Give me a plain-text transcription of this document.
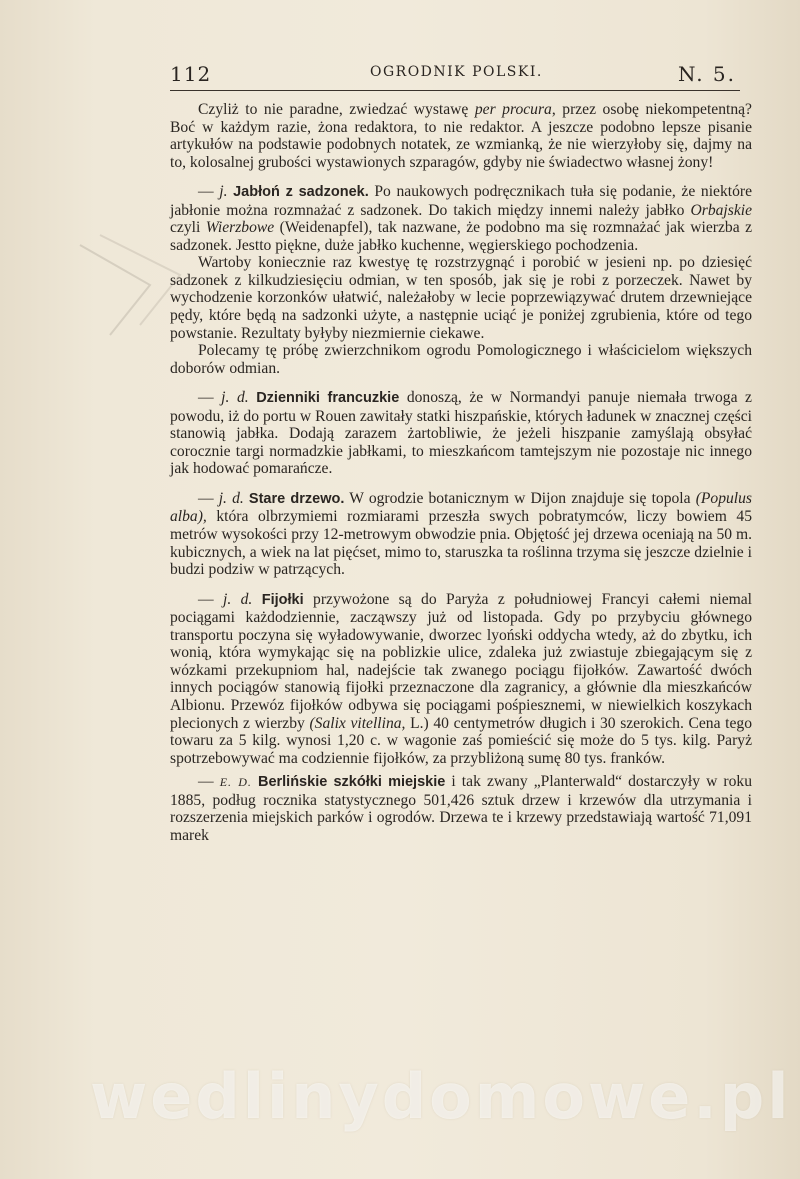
112	OGRODNIK POLSKI.	N. 5.

Czyliż to nie paradne, zwiedzać wystawę per procura, przez osobę niekompetentną? Boć w każdym razie, żona redaktora, to nie redaktor. A jeszcze podobno lepsze pisanie artykułów na podstawie podobnych notatek, ze wzmianką, że nie wierzyłoby się, dajmy na to, kolosalnej grubości wystawionych szparagów, gdyby nie świadectwo własnej żony!

— j. Jabłoń z sadzonek. Po naukowych podręcznikach tuła się podanie, że niektóre jabłonie można rozmnażać z sadzonek. Do takich między innemi należy jabłko Orbajskie czyli Wierzbowe (Weidenapfel), tak nazwane, że podobno ma się rozmnażać jak wierzba z sadzonek. Jestto piękne, duże jabłko kuchenne, węgierskiego pochodzenia.

Wartoby koniecznie raz kwestyę tę rozstrzygnąć i porobić w jesieni np. po dziesięć sadzonek z kilkudziesięciu odmian, w ten sposób, jak się je robi z porzeczek. Nawet by wychodzenie korzonków ułatwić, należałoby w lecie poprzewiązywać drutem drzewniejące pędy, które będą na sadzonki użyte, a następnie uciąć je poniżej zgrubienia, które od tego powstanie. Rezultaty byłyby niezmiernie ciekawe.

Polecamy tę próbę zwierzchnikom ogrodu Pomologicznego i właścicielom większych doborów odmian.

— j. d. Dzienniki francuzkie donoszą, że w Normandyi panuje niemała trwoga z powodu, iż do portu w Rouen zawitały statki hiszpańskie, których ładunek w znacznej części stanowią jabłka. Dodają zarazem żartobliwie, że jeżeli hiszpanie zamyślają obsyłać corocznie targi normadzkie jabłkami, to mieszkańcom tamtejszym nie pozostaje nic innego jak hodować pomarańcze.

— j. d. Stare drzewo. W ogrodzie botanicznym w Dijon znajduje się topola (Populus alba), która olbrzymiemi rozmiarami przeszła swych pobratymców, liczy bowiem 45 metrów wysokości przy 12-metrowym obwodzie pnia. Objętość jej drzewa oceniają na 50 m. kubicznych, a wiek na lat pięćset, mimo to, staruszka ta roślinna trzyma się jeszcze dzielnie i budzi podziw w patrzących.

— j. d. Fijołki przywożone są do Paryża z południowej Francyi całemi niemal pociągami każdodziennie, zacząwszy już od listopada. Gdy po przybyciu głównego transportu poczyna się wyładowywanie, dworzec lyoński oddycha wtedy, aż do zbytku, ich wonią, która wymykając się na poblizkie ulice, zdaleka już zwiastuje zbiegającym się z wózkami przekupniom hal, nadejście tak zwanego pociągu fijołków. Zawartość dwóch innych pociągów stanowią fijołki przeznaczone dla zagranicy, a głównie dla mieszkańców Albionu. Przewóz fijołków odbywa się pociągami pośpiesznemi, w niewielkich koszykach plecionych z wierzby (Salix vitellina, L.) 40 centymetrów długich i 30 szerokich. Cena tego towaru za 5 kilg. wynosi 1,20 c. w wagonie zaś pomieścić się może do 5 tys. kilg. Paryż spotrzebowywać ma codziennie fijołków, za przybliżoną sumę 80 tys. franków.

— E. D. Berlińskie szkółki miejskie i tak zwany „Planterwald“ dostarczyły w roku 1885, podług rocznika statystycznego 501,426 sztuk drzew i krzewów dla utrzymania i rozszerzenia miejskich parków i ogrodów. Drzewa te i krzewy przedstawiają wartość 71,091 marek

wedlinydomowe.pl
